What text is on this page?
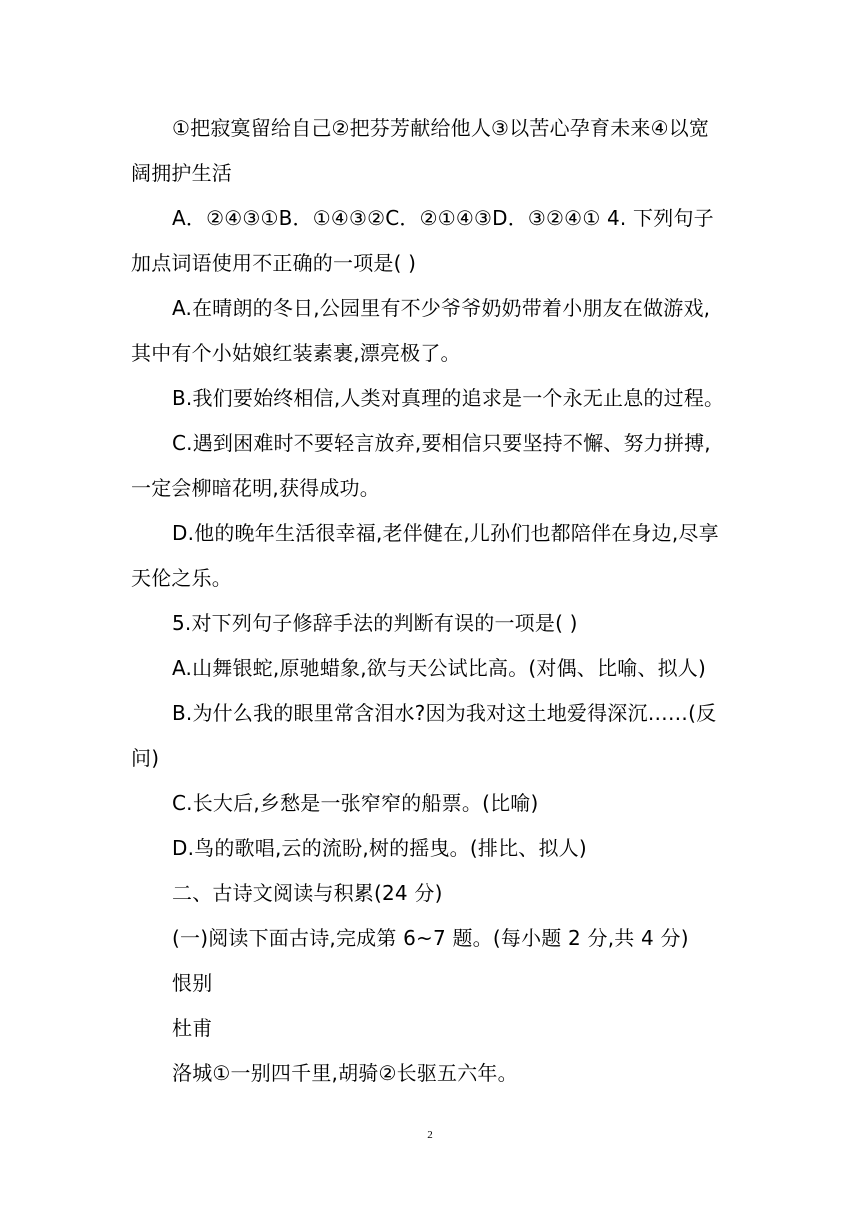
①把寂寞留给自己②把芬芳献给他人③以苦心孕育未来④以宽
阔拥护生活
A．②④③①B．①④③②C．②①④③D．③②④① 4. 下列句子
加点词语使用不正确的一项是( )
A.在晴朗的冬日,公园里有不少爷爷奶奶带着小朋友在做游戏,
其中有个小姑娘红装素裹,漂亮极了。
B.我们要始终相信,人类对真理的追求是一个永无止息的过程。
C.遇到困难时不要轻言放弃,要相信只要坚持不懈、努力拼搏,
一定会柳暗花明,获得成功。
D.他的晚年生活很幸福,老伴健在,儿孙们也都陪伴在身边,尽享
天伦之乐。
5.对下列句子修辞手法的判断有误的一项是( )
A.山舞银蛇,原驰蜡象,欲与天公试比高。(对偶、比喻、拟人)
B.为什么我的眼里常含泪水?因为我对这土地爱得深沉……(反
问)
C.长大后,乡愁是一张窄窄的船票。(比喻)
D.鸟的歌唱,云的流盼,树的摇曳。(排比、拟人)
二、古诗文阅读与积累(24 分)
(一)阅读下面古诗,完成第 6~7 题。(每小题 2 分,共 4 分)
恨别
杜甫
洛城①一别四千里,胡骑②长驱五六年。
2
